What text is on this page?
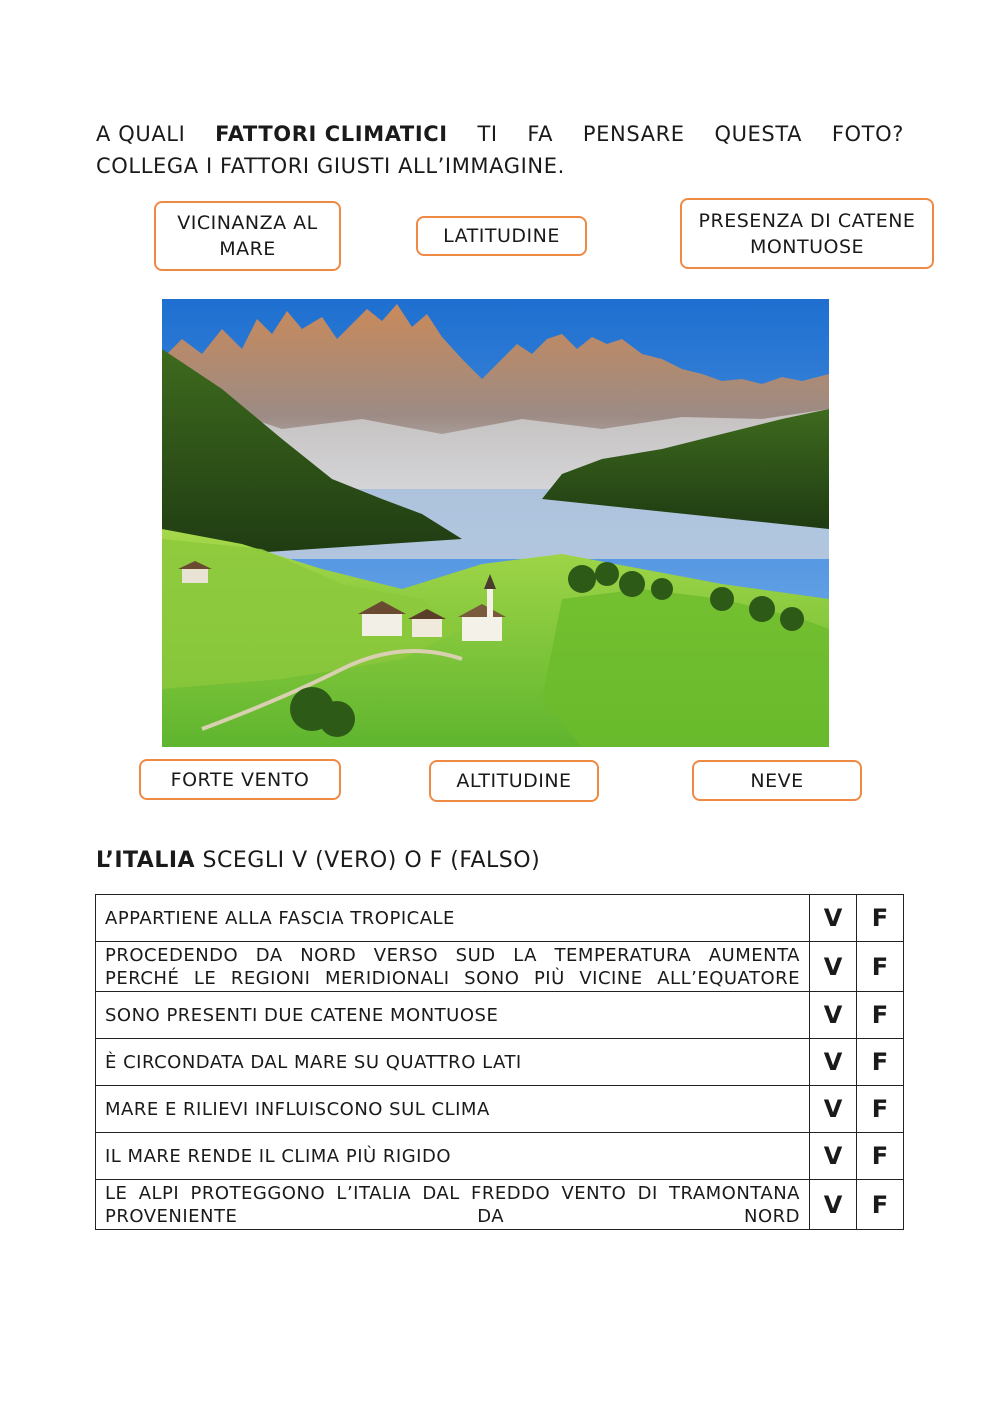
A QUALI FATTORI CLIMATICI TI FA PENSARE QUESTA FOTO?
COLLEGA I FATTORI GIUSTI ALL’IMMAGINE.
VICINANZA AL MARE
LATITUDINE
PRESENZA DI CATENE MONTUOSE
FORTE VENTO	ALTITUDINE	NEVE
L’ITALIA SCEGLI V (VERO) O F (FALSO)
APPARTIENE ALLA FASCIA TROPICALE	V	F
PROCEDENDO DA NORD VERSO SUD LA TEMPERATURA AUMENTA PERCHÉ LE REGIONI MERIDIONALI SONO PIÙ VICINE ALL’EQUATORE	V	F
SONO PRESENTI DUE CATENE MONTUOSE	V	F
È CIRCONDATA DAL MARE SU QUATTRO LATI	V	F
MARE E RILIEVI INFLUISCONO SUL CLIMA	V	F
IL MARE RENDE IL CLIMA PIÙ RIGIDO	V	F
LE ALPI PROTEGGONO L’ITALIA DAL FREDDO VENTO DI TRAMONTANA PROVENIENTE DA NORD	V	F
